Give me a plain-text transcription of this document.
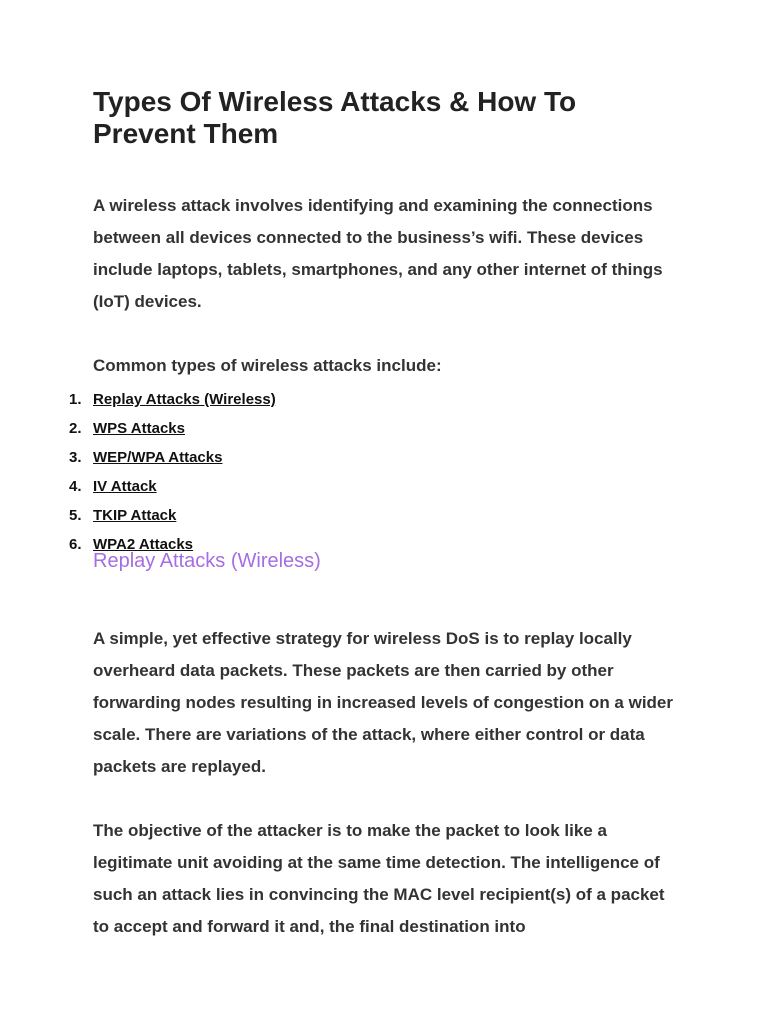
Types Of Wireless Attacks & How To Prevent Them

A wireless attack involves identifying and examining the connections between all devices connected to the business’s wifi. These devices include laptops, tablets, smartphones, and any other internet of things (IoT) devices.

Common types of wireless attacks include:

1. Replay Attacks (Wireless)
2. WPS Attacks
3. WEP/WPA Attacks
4. IV Attack
5. TKIP Attack
6. WPA2 Attacks
Replay Attacks (Wireless)

A simple, yet effective strategy for wireless DoS is to replay locally overheard data packets. These packets are then carried by other forwarding nodes resulting in increased levels of congestion on a wider scale. There are variations of the attack, where either control or data packets are replayed.

The objective of the attacker is to make the packet to look like a legitimate unit avoiding at the same time detection. The intelligence of such an attack lies in convincing the MAC level recipient(s) of a packet to accept and forward it and, the final destination into
